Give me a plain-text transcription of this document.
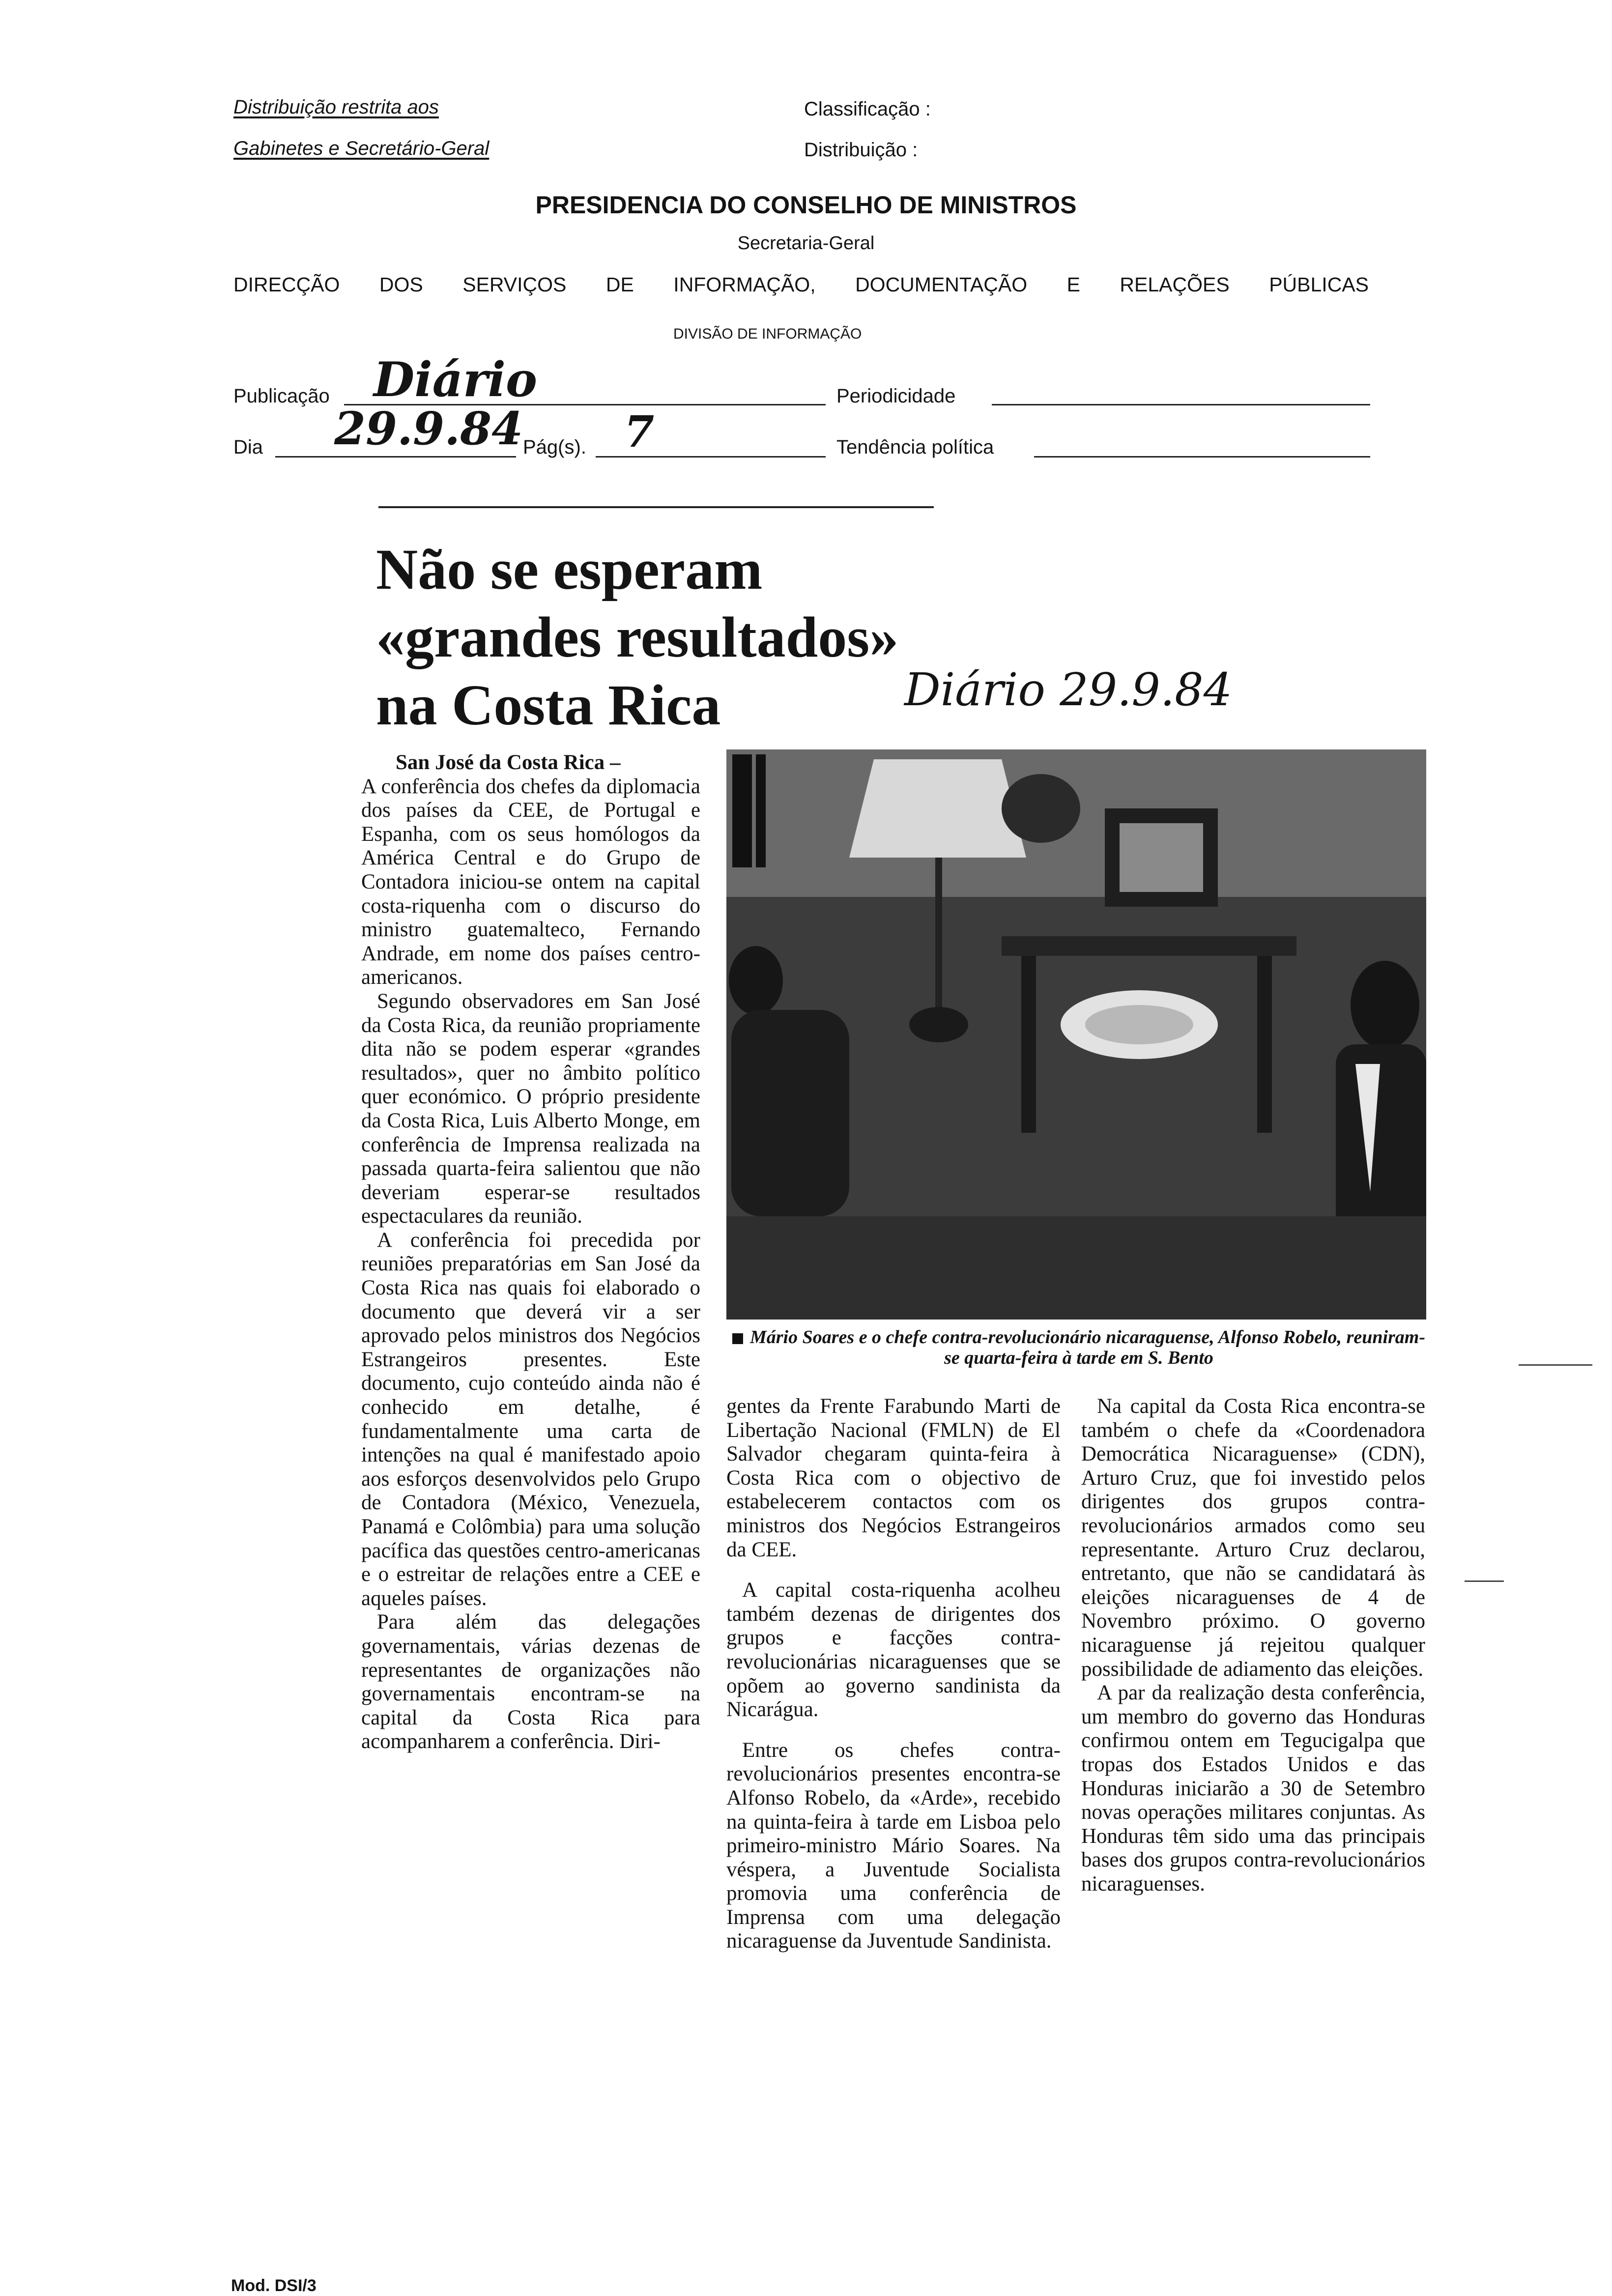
Distribuição restrita aos
Gabinetes e Secretário-Geral
Classificação :
Distribuição :
PRESIDENCIA DO CONSELHO DE MINISTROS
Secretaria-Geral
DIRECÇÃO DOS SERVIÇOS DE INFORMAÇÃO, DOCUMENTAÇÃO E RELAÇÕES PÚBLICAS
DIVISÃO DE INFORMAÇÃO
Publicação Diário	Periodicidade
Dia 29.9.84 Pág(s). 7	Tendência política
Não se esperam
«grandes resultados»
na Costa Rica	Diário 29.9.84

San José da Costa Rica –

A conferência dos chefes da diplomacia dos países da CEE, de Portugal e Espanha, com os seus homólogos da América Central e do Grupo de Contadora iniciou-se ontem na capital costa-riquenha com o discurso do ministro guatemalteco, Fernando Andrade, em nome dos países centro-americanos.

Segundo observadores em San José da Costa Rica, da reunião propriamente dita não se podem esperar «grandes resultados», quer no âmbito político quer económico. O próprio presidente da Costa Rica, Luis Alberto Monge, em conferência de Imprensa realizada na passada quarta-feira salientou que não deveriam esperar-se resultados espectaculares da reunião.

A conferência foi precedida por reuniões preparatórias em San José da Costa Rica nas quais foi elaborado o documento que deverá vir a ser aprovado pelos ministros dos Negócios Estrangeiros presentes. Este documento, cujo conteúdo ainda não é conhecido em detalhe, é fundamentalmente uma carta de intenções na qual é manifestado apoio aos esforços desenvolvidos pelo Grupo de Contadora (México, Venezuela, Panamá e Colômbia) para uma solução pacífica das questões centro-americanas e o estreitar de relações entre a CEE e aqueles países.

Para além das delegações governamentais, várias dezenas de representantes de organizações não governamentais encontram-se na capital da Costa Rica para acompanharem a conferência. Diri-

Mário Soares e o chefe contra-revolucionário nicaraguense, Alfonso Robelo, reuniram-se quarta-feira à tarde em S. Bento

gentes da Frente Farabundo Marti de Libertação Nacional (FMLN) de El Salvador chegaram quinta-feira à Costa Rica com o objectivo de estabelecerem contactos com os ministros dos Negócios Estrangeiros da CEE.

A capital costa-riquenha acolheu também dezenas de dirigentes dos grupos e facções contra-revolucionárias nicaraguenses que se opõem ao governo sandinista da Nicarágua.

Entre os chefes contra-revolucionários presentes encontra-se Alfonso Robelo, da «Arde», recebido na quinta-feira à tarde em Lisboa pelo primeiro-ministro Mário Soares. Na véspera, a Juventude Socialista promovia uma conferência de Imprensa com uma delegação nicaraguense da Juventude Sandinista.

Na capital da Costa Rica encontra-se também o chefe da «Coordenadora Democrática Nicaraguense» (CDN), Arturo Cruz, que foi investido pelos dirigentes dos grupos contra-revolucionários armados como seu representante. Arturo Cruz declarou, entretanto, que não se candidatará às eleições nicaraguenses de 4 de Novembro próximo. O governo nicaraguense já rejeitou qualquer possibilidade de adiamento das eleições.

A par da realização desta conferência, um membro do governo das Honduras confirmou ontem em Tegucigalpa que tropas dos Estados Unidos e das Honduras iniciarão a 30 de Setembro novas operações militares conjuntas. As Honduras têm sido uma das principais bases dos grupos contra-revolucionários nicaraguenses.

Mod. DSI/3
